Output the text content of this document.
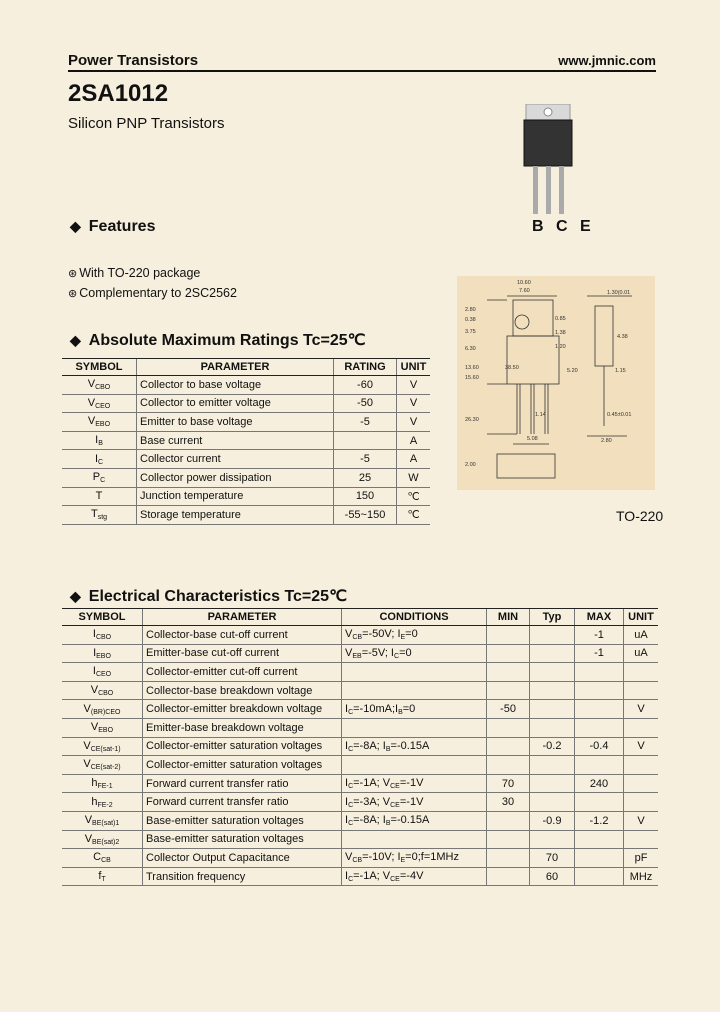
Power Transistors	www.jmnic.com
2SA1012
Silicon PNP Transistors
B C E
◆ Features
⊛ With TO-220 package
⊛ Complementary to 2SC2562
◆ Absolute Maximum Ratings Tc=25℃
SYMBOL	PARAMETER	RATING	UNIT
$V_{CBO}$	Collector to base voltage	-60	V
$V_{CEO}$	Collector to emitter voltage	-50	V
$V_{EBO}$	Emitter to base voltage	-5	V
$I_B$	Base current		A
$I_C$	Collector current	-5	A
$P_C$	Collector power dissipation	25	W
T	Junction temperature	150	℃
$T_{stg}$	Storage temperature	-55~150	℃
10.60
7.60
2.80
0.38
3.75
6.30
13.60
15.60
38.50
0.85
1.38
1.20
5.20
4.38
1.14
26.30
5.08	2.80
1.30(0.01
0.45±0.01
1.15
2.00
TO-220
◆ Electrical Characteristics Tc=25℃
SYMBOL	PARAMETER	CONDITIONS	MIN	Typ	MAX	UNIT
$I_{CBO}$	Collector-base cut-off current	$V_{CB}=-50V$; $I_E=0$			-1	uA
$I_{EBO}$	Emitter-base cut-off current	$V_{EB}=-5V$; $I_C=0$			-1	uA
$I_{CEO}$	Collector-emitter cut-off current					
$V_{CBO}$	Collector-base breakdown voltage					
$V_{(BR)CEO}$	Collector-emitter breakdown voltage	$I_C=-10mA;I_B=0$	-50			V
$V_{EBO}$	Emitter-base breakdown voltage					
$V_{CE(sat-1)}$	Collector-emitter saturation voltages	$I_C=-8A$; $I_B=-0.15A$		-0.2	-0.4	V
$V_{CE(sat-2)}$	Collector-emitter saturation voltages					
$h_{FE-1}$	Forward current transfer ratio	$I_C=-1A$; $V_{CE}=-1V$	70		240	
$h_{FE-2}$	Forward current transfer ratio	$I_C=-3A$; $V_{CE}=-1V$	30			
$V_{BE(sat)1}$	Base-emitter saturation voltages	$I_C=-8A$; $I_B=-0.15A$		-0.9	-1.2	V
$V_{BE(sat)2}$	Base-emitter saturation voltages					
$C_{CB}$	Collector Output Capacitance	$V_{CB}=-10V$; $I_E=0;f=1MHz$		70		pF
$f_T$	Transition frequency	$I_C=-1A$; $V_{CE}=-4V$		60		MHz
